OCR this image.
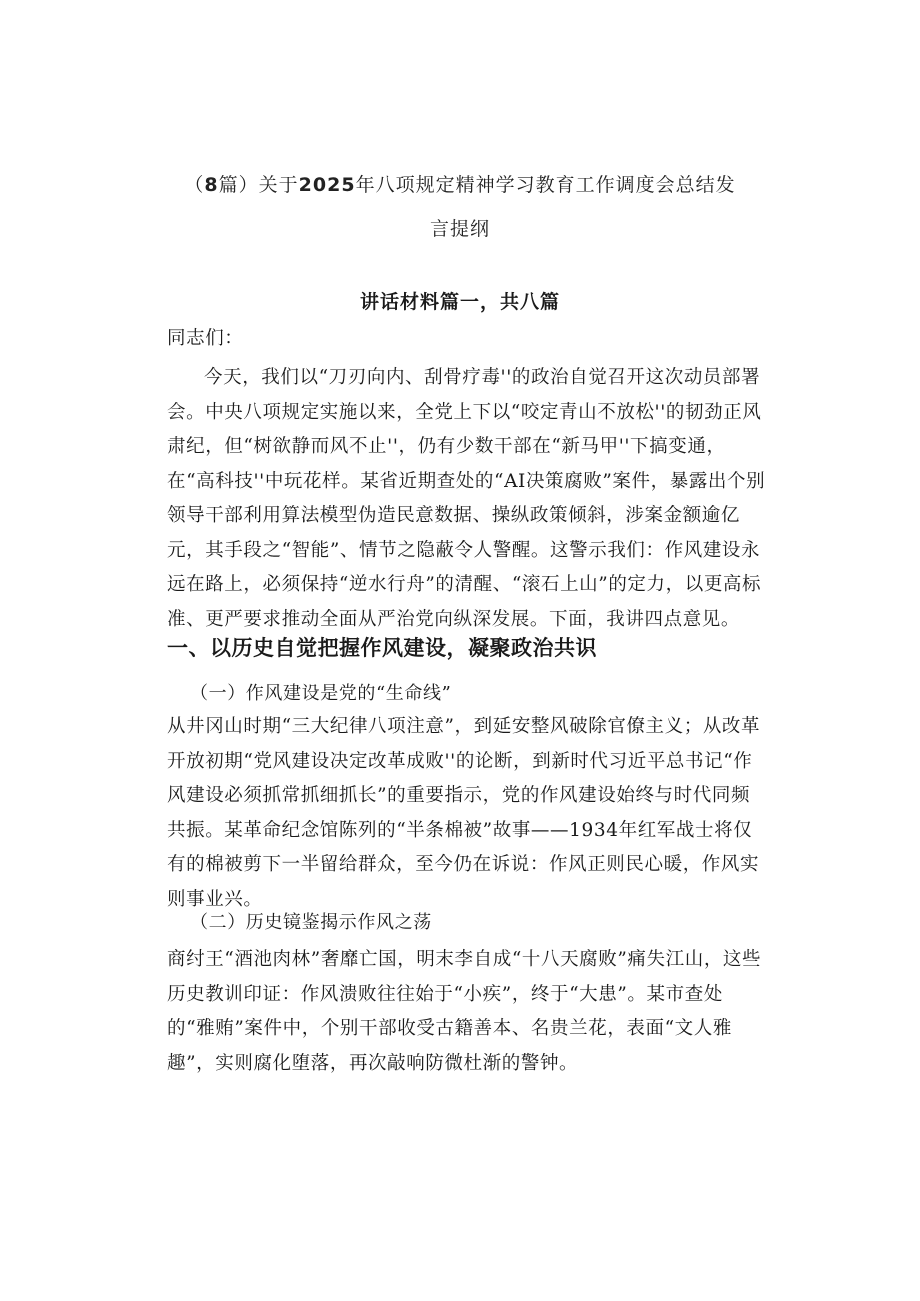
（8篇）关于2025年八项规定精神学习教育工作调度会总结发
言提纲
讲话材料篇一，共八篇

同志们：

今天，我们以“刀刃向内、刮骨疗毒''的政治自觉召开这次动员部署会。中央八项规定实施以来，全党上下以“咬定青山不放松''的韧劲正风肃纪，但“树欲静而风不止''，仍有少数干部在“新马甲''下搞变通，在“高科技''中玩花样。某省近期查处的“AI决策腐败”案件，暴露出个别领导干部利用算法模型伪造民意数据、操纵政策倾斜，涉案金额逾亿元，其手段之“智能”、情节之隐蔽令人警醒。这警示我们：作风建设永远在路上，必须保持“逆水行舟”的清醒、“滚石上山”的定力，以更高标准、更严要求推动全面从严治党向纵深发展。下面，我讲四点意见。

一、以历史自觉把握作风建设，凝聚政治共识
（一）作风建设是党的“生命线”

从井冈山时期“三大纪律八项注意”，到延安整风破除官僚主义；从改革开放初期“党风建设决定改革成败''的论断，到新时代习近平总书记“作风建设必须抓常抓细抓长”的重要指示，党的作风建设始终与时代同频共振。某革命纪念馆陈列的“半条棉被”故事——1934年红军战士将仅有的棉被剪下一半留给群众，至今仍在诉说：作风正则民心暖，作风实则事业兴。

（二）历史镜鉴揭示作风之荡

商纣王“酒池肉林”奢靡亡国，明末李自成“十八天腐败”痛失江山，这些历史教训印证：作风溃败往往始于“小疾”，终于“大患”。某市查处的“雅贿”案件中，个别干部收受古籍善本、名贵兰花，表面“文人雅趣”，实则腐化堕落，再次敲响防微杜渐的警钟。
